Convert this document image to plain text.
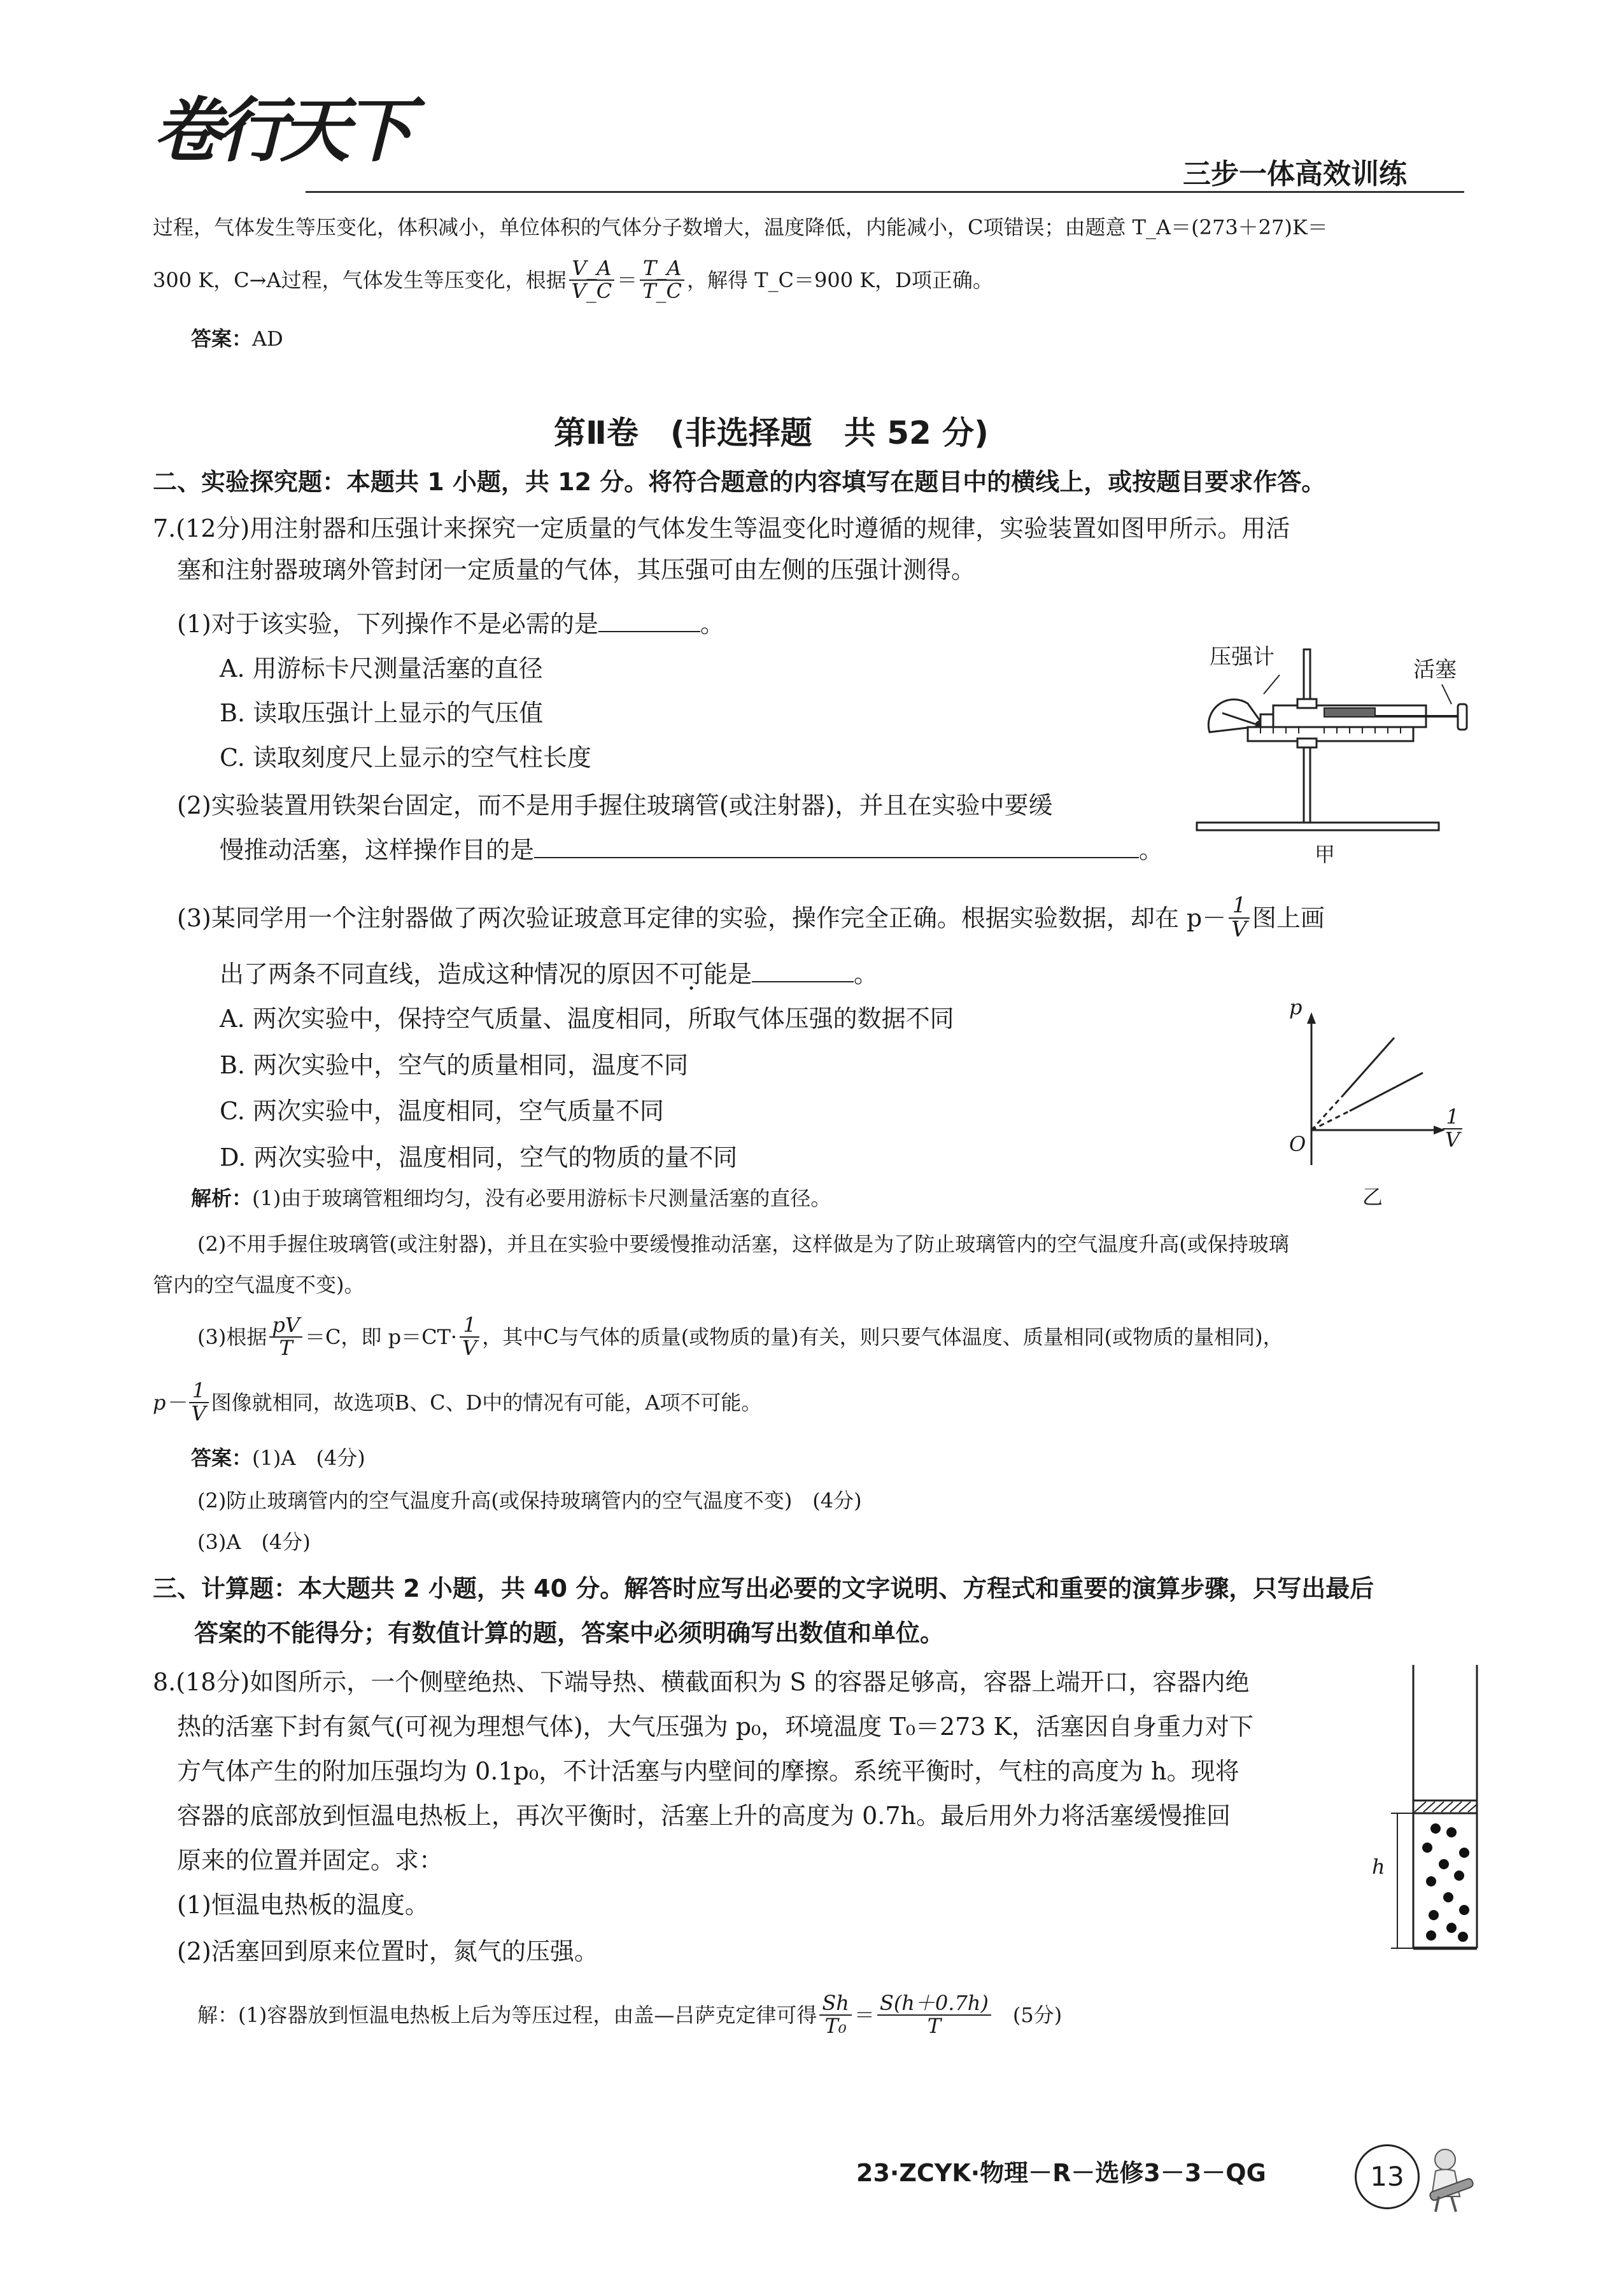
卷行天下
三步一体高效训练
过程，气体发生等压变化，体积减小，单位体积的气体分子数增大，温度降低，内能减小，C项错误；由题意 T_A＝(273＋27)K＝
300 K，C→A过程，气体发生等压变化，根据 $\frac{V\_A}{V\_C} = \frac{T\_A}{T\_C}$ ，解得 T_C＝900 K，D项正确。
答案：AD
第Ⅱ卷　(非选择题　共 52 分)
二、实验探究题：本题共 1 小题，共 12 分。将符合题意的内容填写在题目中的横线上，或按题目要求作答。
7.(12分)用注射器和压强计来探究一定质量的气体发生等温变化时遵循的规律，实验装置如图甲所示。用活
塞和注射器玻璃外管封闭一定质量的气体，其压强可由左侧的压强计测得。
(1)对于该实验，下列操作不是必需的是	。
A. 用游标卡尺测量活塞的直径
B. 读取压强计上显示的气压值
C. 读取刻度尺上显示的空气柱长度
(2)实验装置用铁架台固定，而不是用手握住玻璃管(或注射器)，并且在实验中要缓
慢推动活塞，这样操作目的是	。
压强计	活塞
甲
(3)某同学用一个注射器做了两次验证玻意耳定律的实验，操作完全正确。根据实验数据，却在 $p- \frac{1}{V}$ 图上画
出了两条不同直线，造成这种情况的原因不可能是	。
A. 两次实验中，保持空气质量、温度相同，所取气体压强的数据不同
B. 两次实验中，空气的质量相同，温度不同
C. 两次实验中，温度相同，空气质量不同
D. 两次实验中，温度相同，空气的物质的量不同
p
O	$\frac{1}{V}$
乙
解析：(1)由于玻璃管粗细均匀，没有必要用游标卡尺测量活塞的直径。
(2)不用手握住玻璃管(或注射器)，并且在实验中要缓慢推动活塞，这样做是为了防止玻璃管内的空气温度升高(或保持玻璃
管内的空气温度不变)。
(3)根据 $\frac{pV}{T} =C$，即 $p=CT\cdot \frac{1}{V}$ ，其中C与气体的质量(或物质的量)有关，则只要气体温度、质量相同(或物质的量相同)，
$p- \frac{1}{V}$ 图像就相同，故选项B、C、D中的情况有可能，A项不可能。
答案：(1)A　(4分)
(2)防止玻璃管内的空气温度升高(或保持玻璃管内的空气温度不变)　(4分)
(3)A　(4分)
三、计算题：本大题共 2 小题，共 40 分。解答时应写出必要的文字说明、方程式和重要的演算步骤，只写出最后
答案的不能得分；有数值计算的题，答案中必须明确写出数值和单位。
8.(18分)如图所示，一个侧壁绝热、下端导热、横截面积为 S 的容器足够高，容器上端开口，容器内绝
热的活塞下封有氮气(可视为理想气体)，大气压强为 p₀，环境温度 T₀＝273 K，活塞因自身重力对下
方气体产生的附加压强均为 0.1p₀，不计活塞与内壁间的摩擦。系统平衡时，气柱的高度为 h。现将
容器的底部放到恒温电热板上，再次平衡时，活塞上升的高度为 0.7h。最后用外力将活塞缓慢推回
原来的位置并固定。求：
(1)恒温电热板的温度。
(2)活塞回到原来位置时，氮气的压强。
h
解：(1)容器放到恒温电热板上后为等压过程，由盖—吕萨克定律可得 $\frac{Sh}{\text{T₀}} = \frac{S(h+0.7h)}{T} (5$分)
23·ZCYK·物理－R－选修3－3－QG	13
